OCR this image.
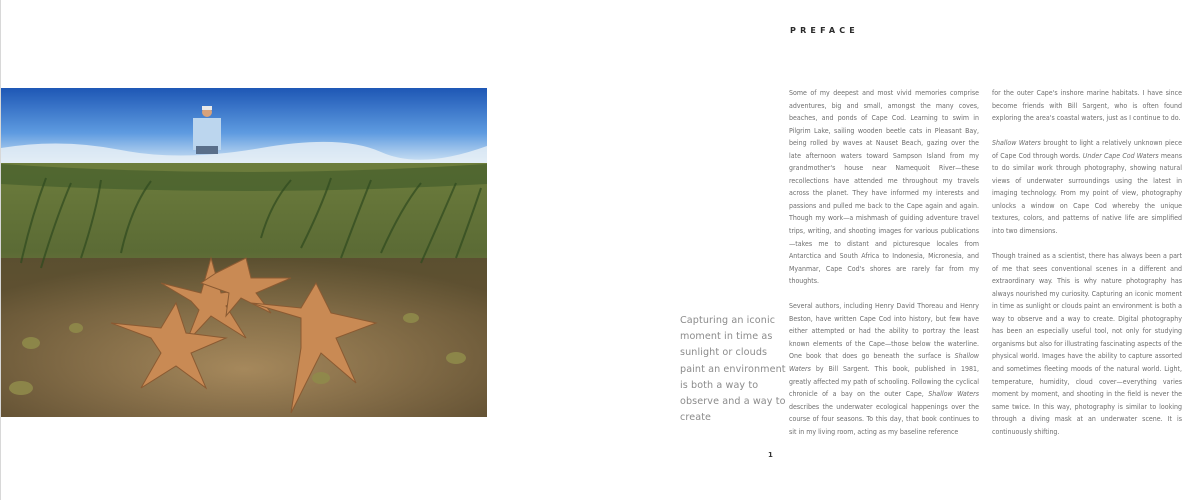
Capturing an iconic moment in time as sunlight or clouds paint an environment is both a way to observe and a way to create
PREFACE

Some of my deepest and most vivid memories comprise adventures, big and small, amongst the many coves, beaches, and ponds of Cape Cod. Learning to swim in Pilgrim Lake, sailing wooden beetle cats in Pleasant Bay, being rolled by waves at Nauset Beach, gazing over the late afternoon waters toward Sampson Island from my grandmother's house near Namequoit River—these recollections have attended me throughout my travels across the planet. They have informed my interests and passions and pulled me back to the Cape again and again. Though my work—a mishmash of guiding adventure travel trips, writing, and shooting images for various publications—takes me to distant and picturesque locales from Antarctica and South Africa to Indonesia, Micronesia, and Myanmar, Cape Cod's shores are rarely far from my thoughts.

Several authors, including Henry David Thoreau and Henry Beston, have written Cape Cod into history, but few have either attempted or had the ability to portray the least known elements of the Cape—those below the waterline. One book that does go beneath the surface is Shallow Waters by Bill Sargent. This book, published in 1981, greatly affected my path of schooling. Following the cyclical chronicle of a bay on the outer Cape, Shallow Waters describes the underwater ecological happenings over the course of four seasons. To this day, that book continues to sit in my living room, acting as my baseline reference

for the outer Cape's inshore marine habitats. I have since become friends with Bill Sargent, who is often found exploring the area's coastal waters, just as I continue to do.

Shallow Waters brought to light a relatively unknown piece of Cape Cod through words. Under Cape Cod Waters means to do similar work through photography, showing natural views of underwater surroundings using the latest in imaging technology. From my point of view, photography unlocks a window on Cape Cod whereby the unique textures, colors, and patterns of native life are simplified into two dimensions.

Though trained as a scientist, there has always been a part of me that sees conventional scenes in a different and extraordinary way. This is why nature photography has always nourished my curiosity. Capturing an iconic moment in time as sunlight or clouds paint an environment is both a way to observe and a way to create. Digital photography has been an especially useful tool, not only for studying organisms but also for illustrating fascinating aspects of the physical world. Images have the ability to capture assorted and sometimes fleeting moods of the natural world. Light, temperature, humidity, cloud cover—everything varies moment by moment, and shooting in the field is never the same twice. In this way, photography is similar to looking through a diving mask at an underwater scene. It is continuously shifting.

1
